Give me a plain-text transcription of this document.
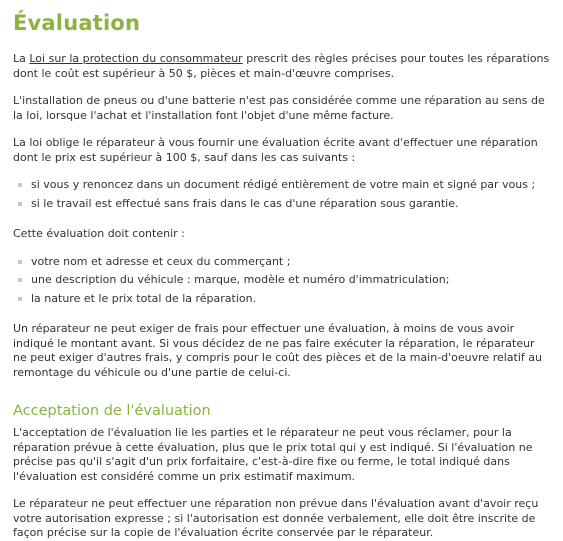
Évaluation

La Loi sur la protection du consommateur prescrit des règles précises pour toutes les réparations dont le coût est supérieur à 50 $, pièces et main-d'œuvre comprises.

L'installation de pneus ou d'une batterie n'est pas considérée comme une réparation au sens de la loi, lorsque l'achat et l'installation font l'objet d'une même facture.

La loi oblige le réparateur à vous fournir une évaluation écrite avant d'effectuer une réparation dont le prix est supérieur à 100 $, sauf dans les cas suivants :

si vous y renoncez dans un document rédigé entièrement de votre main et signé par vous ;
si le travail est effectué sans frais dans le cas d'une réparation sous garantie.

Cette évaluation doit contenir :

votre nom et adresse et ceux du commerçant ;
une description du véhicule : marque, modèle et numéro d'immatriculation;
la nature et le prix total de la réparation.

Un réparateur ne peut exiger de frais pour effectuer une évaluation, à moins de vous avoir indiqué le montant avant. Si vous décidez de ne pas faire exécuter la réparation, le réparateur ne peut exiger d'autres frais, y compris pour le coût des pièces et de la main-d'oeuvre relatif au remontage du véhicule ou d'une partie de celui-ci.

Acceptation de l'évaluation

L'acceptation de l'évaluation lie les parties et le réparateur ne peut vous réclamer, pour la réparation prévue à cette évaluation, plus que le prix total qui y est indiqué. Si l'évaluation ne précise pas qu'il s'agit d'un prix forfaitaire, c'est-à-dire fixe ou ferme, le total indiqué dans l'évaluation est considéré comme un prix estimatif maximum.

Le réparateur ne peut effectuer une réparation non prévue dans l'évaluation avant d'avoir reçu votre autorisation expresse ; si l'autorisation est donnée verbalement, elle doit être inscrite de façon précise sur la copie de l'évaluation écrite conservée par le réparateur.
